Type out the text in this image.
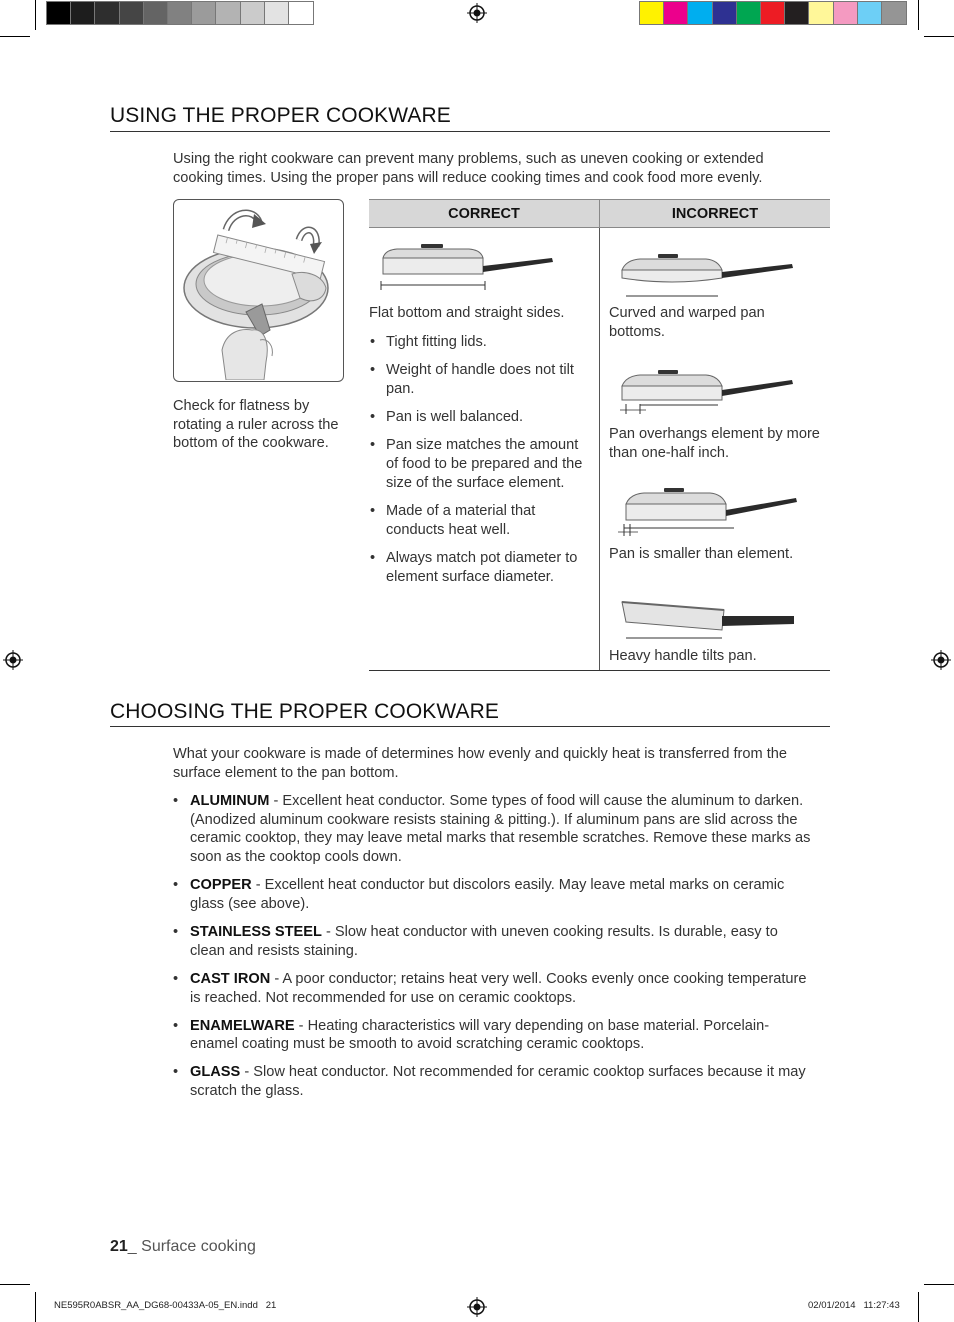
USING THE PROPER COOKWARE
Using the right cookware can prevent many problems, such as uneven cooking or extended cooking times. Using the proper pans will reduce cooking times and cook food more evenly.
Check for flatness by rotating a ruler across the bottom of the cookware.
CORRECT	INCORRECT
Flat bottom and straight sides.
• Tight fitting lids.
• Weight of handle does not tilt pan.
• Pan is well balanced.
• Pan size matches the amount of food to be prepared and the size of the surface element.
• Made of a material that conducts heat well.
• Always match pot diameter to element surface diameter.
Curved and warped pan bottoms.
Pan overhangs element by more than one-half inch.
Pan is smaller than element.
Heavy handle tilts pan.
CHOOSING THE PROPER COOKWARE
What your cookware is made of determines how evenly and quickly heat is transferred from the surface element to the pan bottom.
• ALUMINUM - Excellent heat conductor. Some types of food will cause the aluminum to darken. (Anodized aluminum cookware resists staining & pitting.). If aluminum pans are slid across the ceramic cooktop, they may leave metal marks that resemble scratches. Remove these marks as soon as the cooktop cools down.
• COPPER - Excellent heat conductor but discolors easily. May leave metal marks on ceramic glass (see above).
• STAINLESS STEEL - Slow heat conductor with uneven cooking results. Is durable, easy to clean and resists staining.
• CAST IRON - A poor conductor; retains heat very well. Cooks evenly once cooking temperature is reached. Not recommended for use on ceramic cooktops.
• ENAMELWARE - Heating characteristics will vary depending on base material. Porcelain-enamel coating must be smooth to avoid scratching ceramic cooktops.
• GLASS - Slow heat conductor. Not recommended for ceramic cooktop surfaces because it may scratch the glass.
21_ Surface cooking
NE595R0ABSR_AA_DG68-00433A-05_EN.indd   21	02/01/2014   11:27:43
